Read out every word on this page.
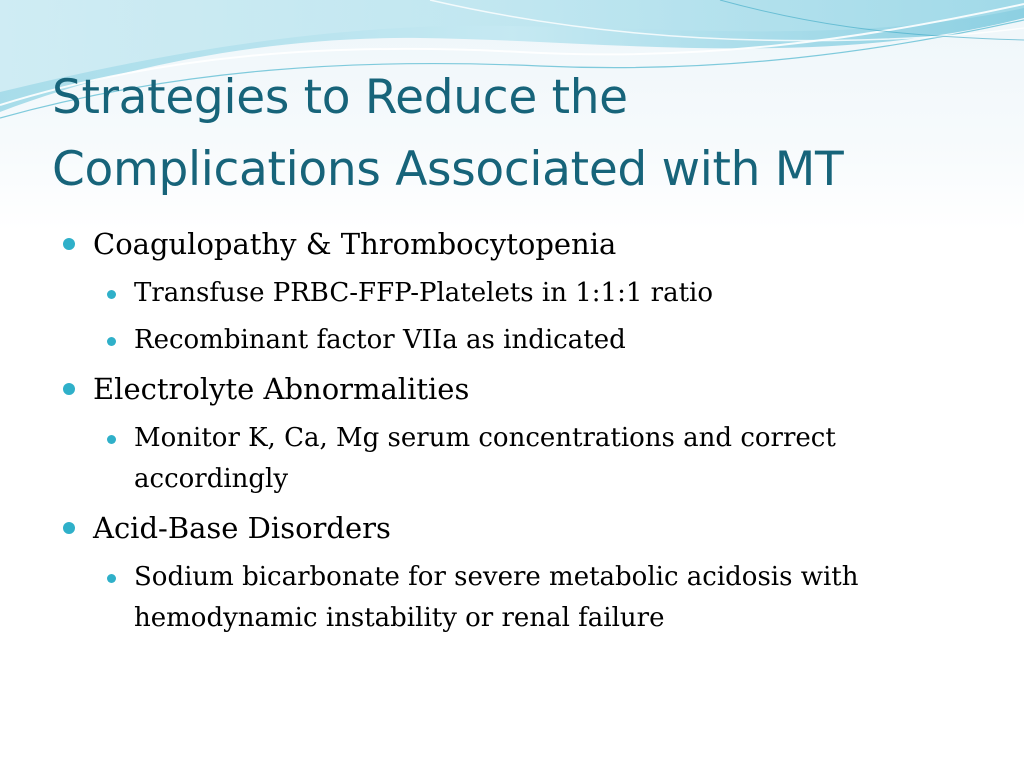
Strategies to Reduce the
Complications Associated with MT
Coagulopathy & Thrombocytopenia
Transfuse PRBC-FFP-Platelets in 1:1:1 ratio
Recombinant factor VIIa as indicated
Electrolyte Abnormalities
Monitor K, Ca, Mg serum concentrations and correct accordingly
Acid-Base Disorders
Sodium bicarbonate for severe metabolic acidosis with hemodynamic instability or renal failure
